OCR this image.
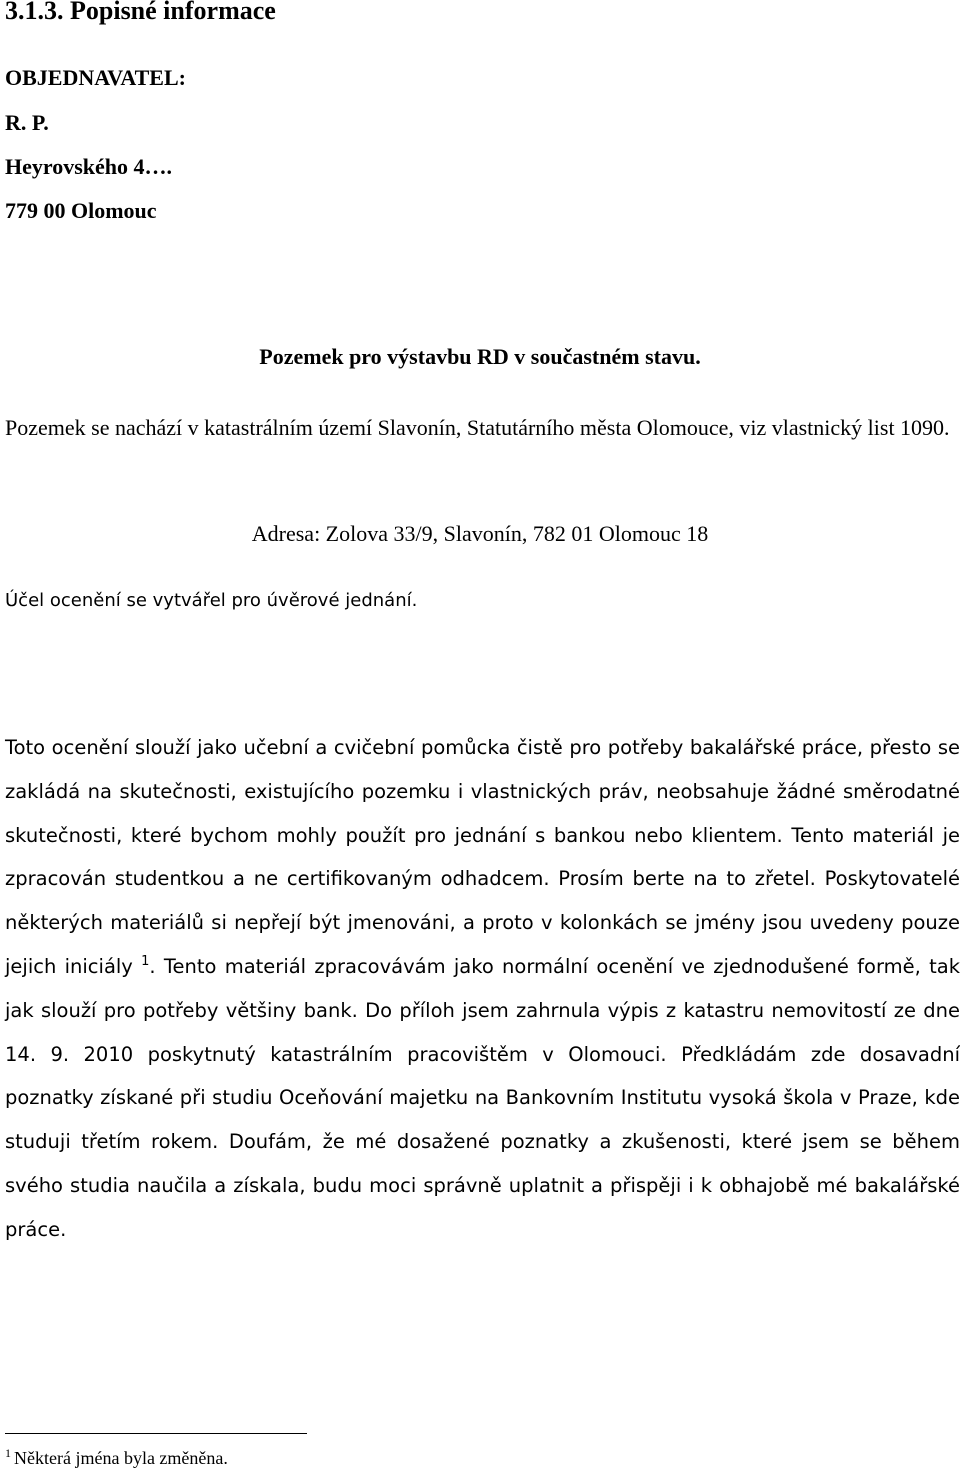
3.1.3. Popisné informace
OBJEDNAVATEL:
R. P.
Heyrovského 4….
779 00 Olomouc
Pozemek pro výstavbu RD v součastném stavu.
Pozemek se nachází v katastrálním území Slavonín, Statutárního města Olomouce, viz vlastnický list 1090.
Adresa: Zolova 33/9, Slavonín, 782 01 Olomouc 18
Účel ocenění se vytvářel pro úvěrové jednání.
Toto ocenění slouží jako učební a cvičební pomůcka čistě pro potřeby bakalářské práce, přesto se zakládá na skutečnosti, existujícího pozemku i vlastnických práv, neobsahuje žádné směrodatné skutečnosti, které bychom mohly použít pro jednání s bankou nebo klientem. Tento materiál je zpracován studentkou a ne certifikovaným odhadcem. Prosím berte na to zřetel. Poskytovatelé některých materiálů si nepřejí být jmenováni, a proto v kolonkách se jmény jsou uvedeny pouze jejich iniciály $^1$. Tento materiál zpracovávám jako normální ocenění ve zjednodušené formě, tak jak slouží pro potřeby většiny bank. Do příloh jsem zahrnula výpis z katastru nemovitostí ze dne 14. 9. 2010 poskytnutý katastrálním pracovištěm v Olomouci. Předkládám zde dosavadní poznatky získané při studiu Oceňování majetku na Bankovním Institutu vysoká škola v Praze, kde studuji třetím rokem. Doufám, že mé dosažené poznatky a zkušenosti, které jsem se během svého studia naučila a získala, budu moci správně uplatnit a přispěji i k obhajobě mé bakalářské práce.
$^1$ Některá jména byla změněna.
